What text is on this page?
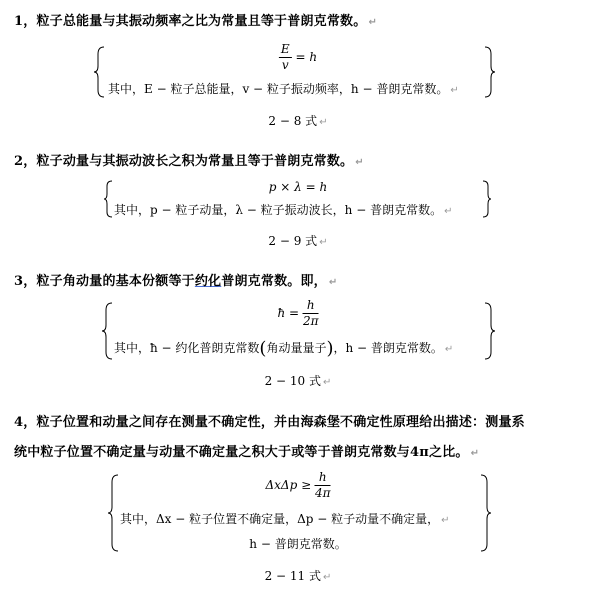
1，粒子总能量与其振动频率之比为常量且等于普朗克常数。 ↵
$\frac{E}{v} = h$
其中，E − 粒子总能量，v − 粒子振动频率，h − 普朗克常数。 ↵
2 − 8 式 ↵
2，粒子动量与其振动波长之积为常量且等于普朗克常数。 ↵
p × λ = h
其中，p − 粒子动量，λ − 粒子振动波长，h − 普朗克常数。 ↵
2 − 9 式 ↵
3，粒子角动量的基本份额等于约化普朗克常数。即， ↵
ħ = $\frac{h}{2\pi}$
其中，ħ − 约化普朗克常数(角动量量子)，h − 普朗克常数。 ↵
2 − 10 式 ↵
4，粒子位置和动量之间存在测量不确定性，并由海森堡不确定性原理给出描述：测量系
统中粒子位置不确定量与动量不确定量之积大于或等于普朗克常数与4π之比。 ↵
$\Delta x\Delta p \ge \frac{h}{4\pi}$
其中，Δx − 粒子位置不确定量，Δp − 粒子动量不确定量， ↵
h − 普朗克常数。
2 − 11 式 ↵
